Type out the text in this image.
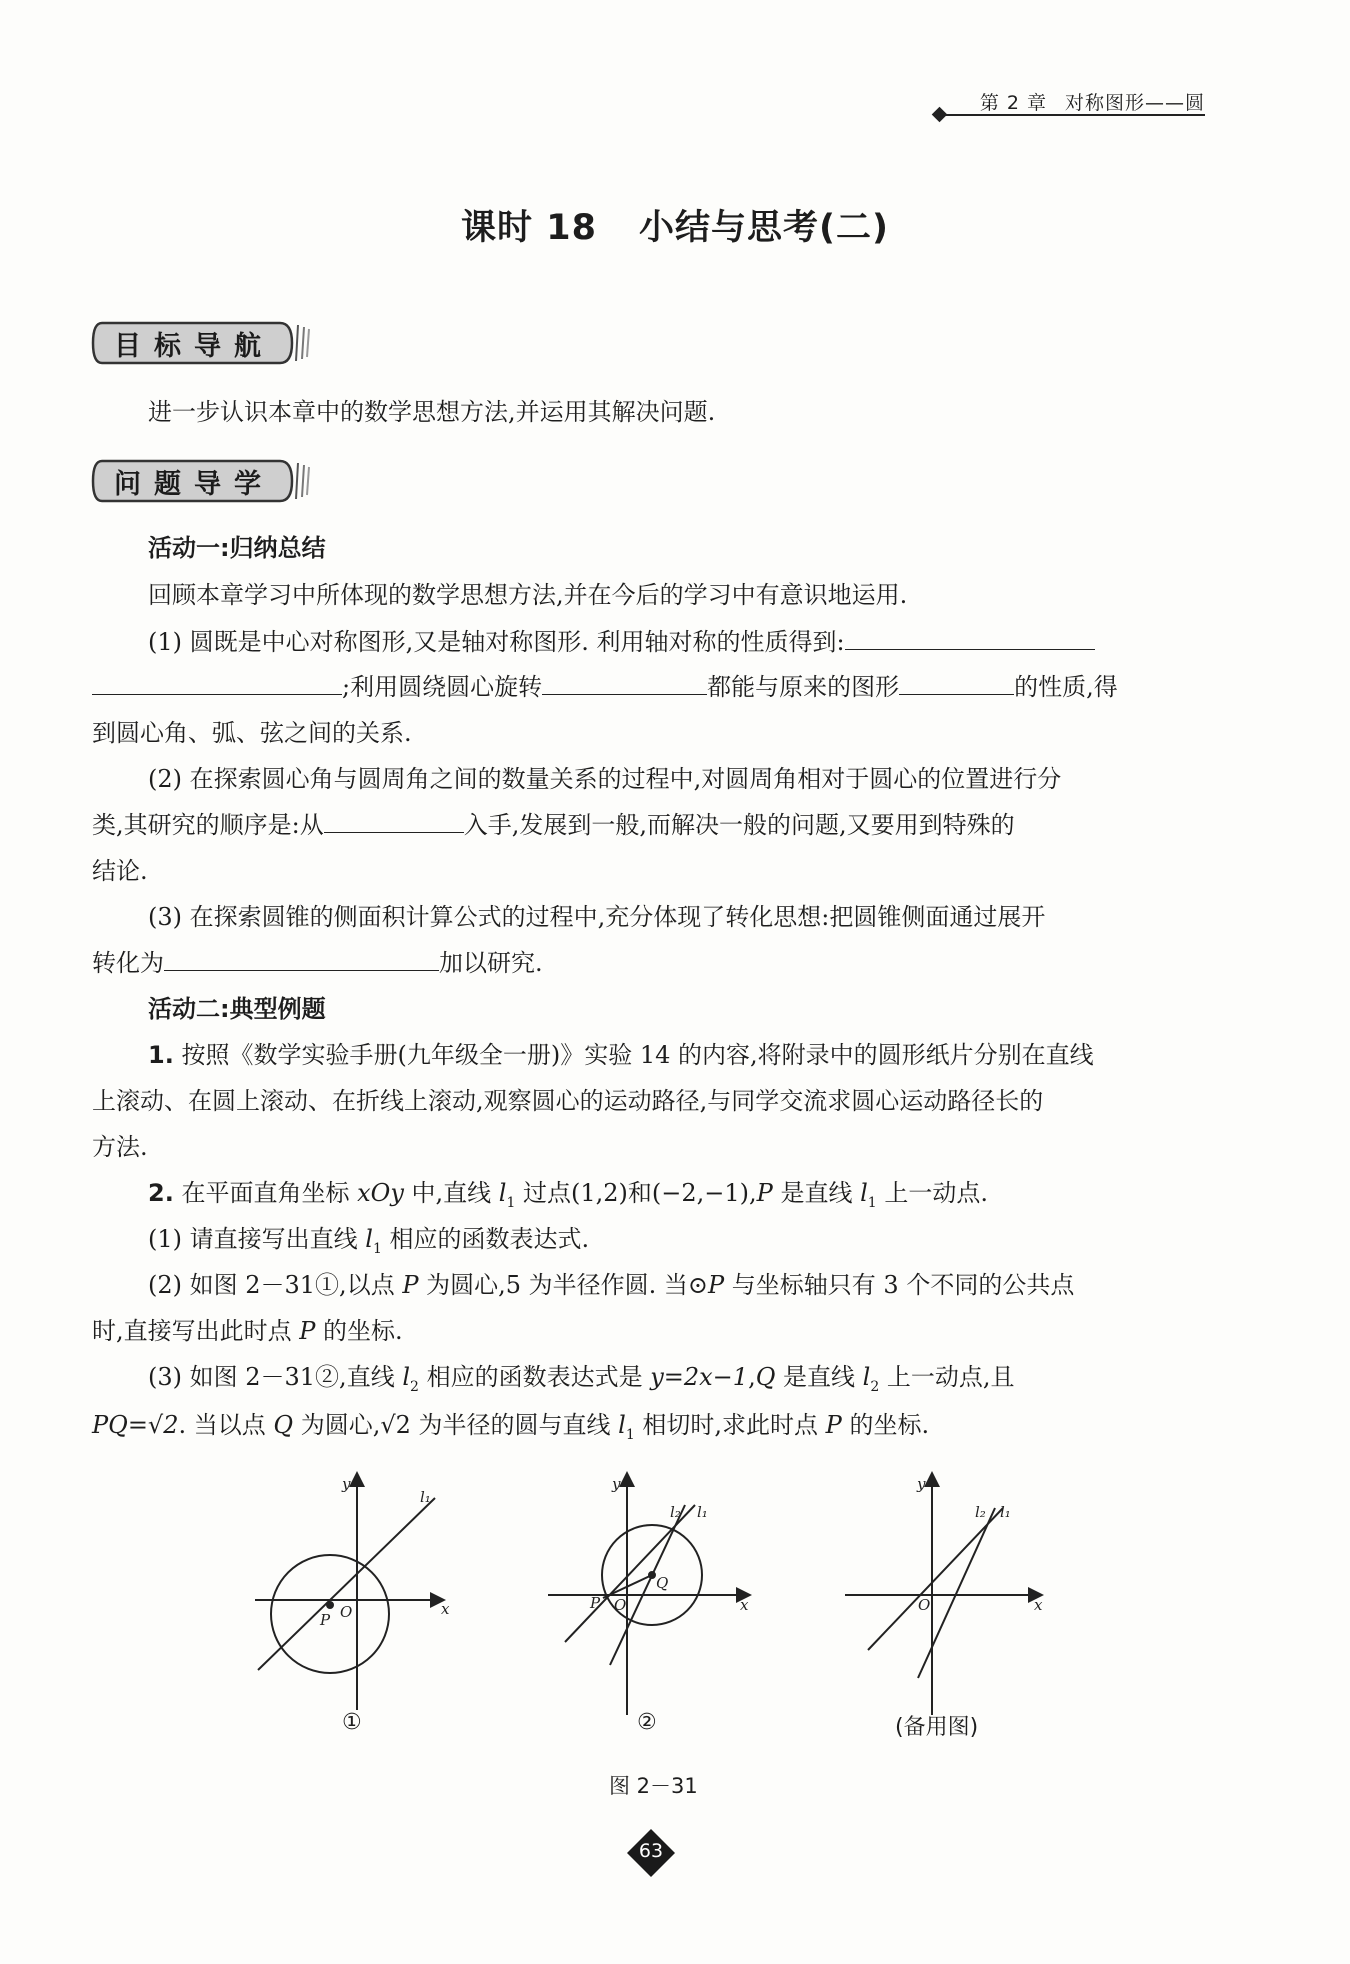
第 2 章 对称图形——圆
课时 18 小结与思考(二)
目标导航
进一步认识本章中的数学思想方法,并运用其解决问题.
问题导学
活动一:归纳总结
回顾本章学习中所体现的数学思想方法,并在今后的学习中有意识地运用.
(1) 圆既是中心对称图形,又是轴对称图形. 利用轴对称的性质得到:
;利用圆绕圆心旋转	都能与原来的图形	的性质,得
到圆心角、弧、弦之间的关系.
(2) 在探索圆心角与圆周角之间的数量关系的过程中,对圆周角相对于圆心的位置进行分
类,其研究的顺序是:从	入手,发展到一般,而解决一般的问题,又要用到特殊的
结论.
(3) 在探索圆锥的侧面积计算公式的过程中,充分体现了转化思想:把圆锥侧面通过展开
转化为	加以研究.
活动二:典型例题
1. 按照《数学实验手册(九年级全一册)》实验 14 的内容,将附录中的圆形纸片分别在直线
上滚动、在圆上滚动、在折线上滚动,观察圆心的运动路径,与同学交流求圆心运动路径长的
方法.
2. 在平面直角坐标 xOy 中,直线 $l_1$ 过点(1,2)和(−2,−1),P 是直线 $l_1$ 上一动点.
(1) 请直接写出直线 $l_1$ 相应的函数表达式.
(2) 如图 2－31①,以点 P 为圆心,5 为半径作圆. 当⊙P 与坐标轴只有 3 个不同的公共点
时,直接写出此时点 P 的坐标.
(3) 如图 2－31②,直线 $l_2$ 相应的函数表达式是 y=2x−1,Q 是直线 $l_2$ 上一动点,且
PQ=√2. 当以点 Q 为圆心,√2 为半径的圆与直线 $l_1$ 相切时,求此时点 P 的坐标.
y
x
O
P
l₁
y
x
O
P
Q
l₂ l₁
y
x
O
l₂ l₁
①	②	(备用图)
图 2－31
63
